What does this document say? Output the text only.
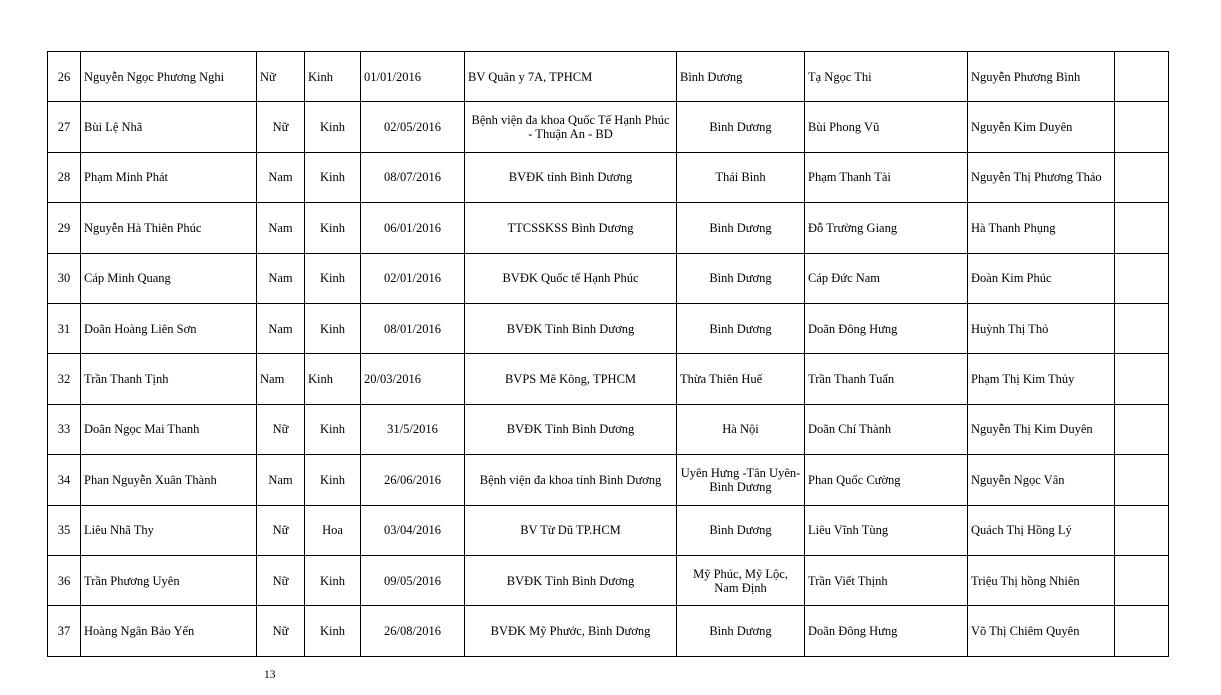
26	Nguyễn Ngọc Phương Nghi	Nữ	Kinh	01/01/2016	BV Quân y 7A, TPHCM	Bình Dương	Tạ Ngọc Thi	Nguyễn Phương Bình	
27	Bùi Lệ Nhã	Nữ	Kinh	02/05/2016	Bệnh viện đa khoa Quốc Tế Hạnh Phúc - Thuận An - BD	Bình Dương	Bùi Phong Vũ	Nguyễn Kim Duyên	
28	Phạm Minh Phát	Nam	Kinh	08/07/2016	BVĐK tỉnh Bình Dương	Thái Bình	Phạm Thanh Tài	Nguyễn Thị Phương Thảo	
29	Nguyễn Hà Thiên Phúc	Nam	Kinh	06/01/2016	TTCSSKSS Bình Dương	Bình Dương	Đỗ Trường Giang	Hà Thanh Phụng	
30	Cáp Minh Quang	Nam	Kinh	02/01/2016	BVĐK Quốc tế Hạnh Phúc	Bình Dương	Cáp Đức Nam	Đoàn Kim Phúc	
31	Doãn Hoàng Liên Sơn	Nam	Kinh	08/01/2016	BVĐK Tỉnh Bình Dương	Bình Dương	Doãn Đông Hưng	Huỳnh Thị Thỏ	
32	Trần Thanh Tịnh	Nam	Kinh	20/03/2016	BVPS Mê Kông, TPHCM	Thừa Thiên Huế	Trần Thanh Tuấn	Phạm Thị Kim Thủy	
33	Doãn Ngọc Mai Thanh	Nữ	Kinh	31/5/2016	BVĐK Tỉnh Bình Dương	Hà Nội	Doãn Chí Thành	Nguyễn Thị Kim Duyên	
34	Phan Nguyễn Xuân Thành	Nam	Kinh	26/06/2016	Bệnh viện đa khoa tỉnh Bình Dương	Uyên Hưng -Tân Uyên-Bình Dương	Phan Quốc Cường	Nguyễn Ngọc Vân	
35	Liêu Nhã Thy	Nữ	Hoa	03/04/2016	BV Từ Dũ TP.HCM	Bình Dương	Liêu Vĩnh Tùng	Quách Thị Hồng Lý	
36	Trần Phương Uyên	Nữ	Kinh	09/05/2016	BVĐK Tỉnh Bình Dương	Mỹ Phúc, Mỹ Lộc, Nam Định	Trần Viết Thịnh	Triệu Thị hồng Nhiên	
37	Hoàng Ngân Bảo Yến	Nữ	Kinh	26/08/2016	BVĐK Mỹ Phước, Bình Dương	Bình Dương	Doãn Đông Hưng	Võ Thị Chiêm Quyên	
13
